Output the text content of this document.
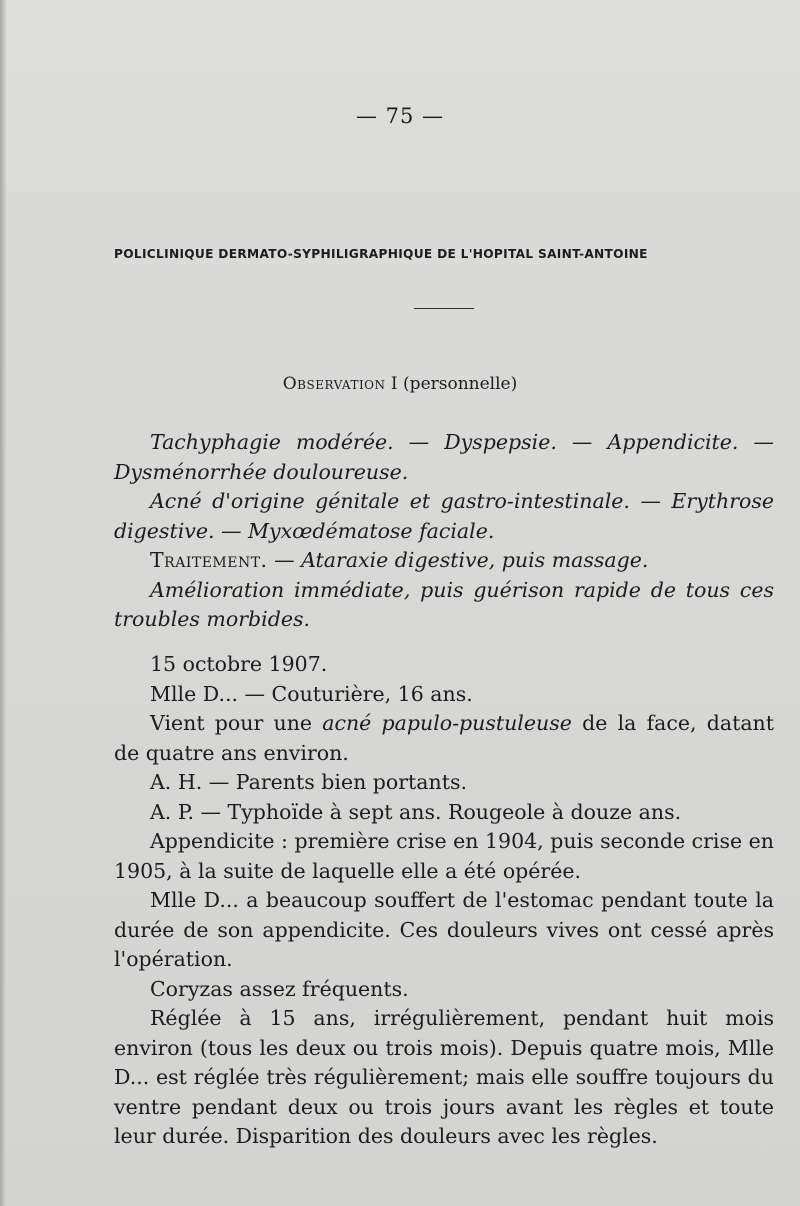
— 75 —
POLICLINIQUE DERMATO-SYPHILIGRAPHIQUE DE L'HOPITAL SAINT-ANTOINE
Observation I (personnelle)

Tachyphagie modérée. — Dyspepsie. — Appendicite. — Dysménorrhée douloureuse.

Acné d'origine génitale et gastro-intestinale. — Erythrose digestive. — Myxœdématose faciale.

Traitement. — Ataraxie digestive, puis massage.

Amélioration immédiate, puis guérison rapide de tous ces troubles morbides.

15 octobre 1907.

Mlle D... — Couturière, 16 ans.

Vient pour une acné papulo-pustuleuse de la face, datant de quatre ans environ.

A. H. — Parents bien portants.

A. P. — Typhoïde à sept ans. Rougeole à douze ans.

Appendicite : première crise en 1904, puis seconde crise en 1905, à la suite de laquelle elle a été opérée.

Mlle D... a beaucoup souffert de l'estomac pendant toute la durée de son appendicite. Ces douleurs vives ont cessé après l'opération.

Coryzas assez fréquents.

Réglée à 15 ans, irrégulièrement, pendant huit mois environ (tous les deux ou trois mois). Depuis quatre mois, Mlle D... est réglée très régulièrement; mais elle souffre toujours du ventre pendant deux ou trois jours avant les règles et toute leur durée. Disparition des douleurs avec les règles.
